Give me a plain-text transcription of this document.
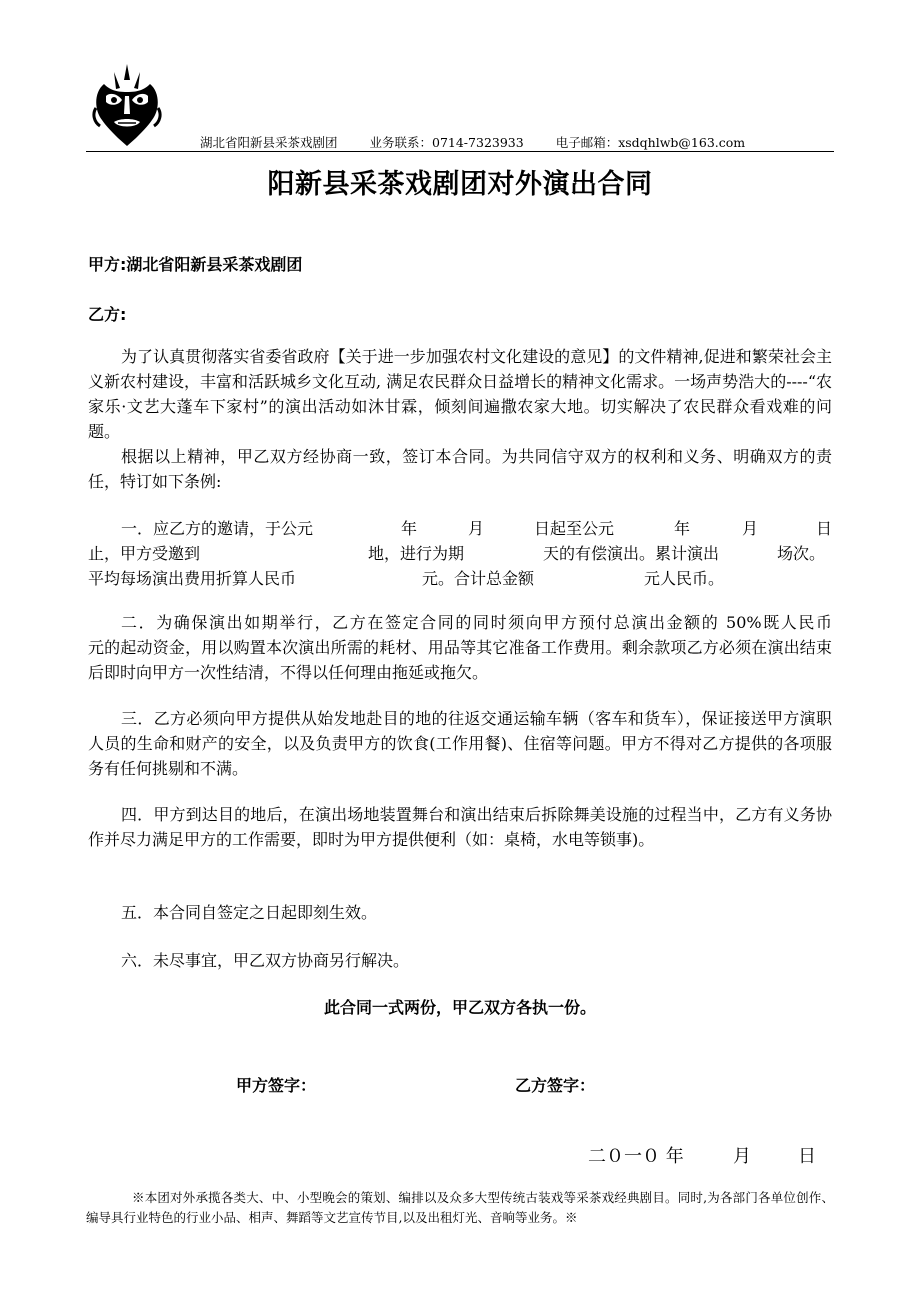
湖北省阳新县采茶戏剧团	业务联系：0714-7323933	电子邮箱：xsdqhlwb@163.com
阳新县采茶戏剧团对外演出合同
甲方:湖北省阳新县采茶戏剧团
乙方:

为了认真贯彻落实省委省政府【关于进一步加强农村文化建设的意见】的文件精神,促进和繁荣社会主义新农村建设，丰富和活跃城乡文化互动, 满足农民群众日益增长的精神文化需求。一场声势浩大的----“农家乐·文艺大蓬车下家村”的演出活动如沐甘霖，倾刻间遍撒农家大地。切实解决了农民群众看戏难的问题。

根据以上精神，甲乙双方经协商一致，签订本合同。为共同信守双方的权利和义务、明确双方的责任，特订如下条例:

一．应乙方的邀请，于公元	年	月	日起至公元	年	月	日
止，甲方受邀到	地，进行为期	天的有偿演出。累计演出	场次。
平均每场演出费用折算人民币	元。合计总金额	元人民币。

二．为确保演出如期举行，乙方在签定合同的同时须向甲方预付总演出金额的 50%既人民币　　　　元的起动资金，用以购置本次演出所需的耗材、用品等其它准备工作费用。剩余款项乙方必须在演出结束后即时向甲方一次性结清，不得以任何理由拖延或拖欠。

三．乙方必须向甲方提供从始发地赴目的地的往返交通运输车辆（客车和货车），保证接送甲方演职人员的生命和财产的安全，以及负责甲方的饮食(工作用餐)、住宿等问题。甲方不得对乙方提供的各项服务有任何挑剔和不满。

四．甲方到达目的地后，在演出场地装置舞台和演出结束后拆除舞美设施的过程当中，乙方有义务协作并尽力满足甲方的工作需要，即时为甲方提供便利（如：桌椅，水电等锁事)。

五．本合同自签定之日起即刻生效。

六．未尽事宜，甲乙双方协商另行解决。

此合同一式两份，甲乙双方各执一份。
甲方签字：	乙方签字：
二０一０ 年	月	日

※本团对外承揽各类大、中、小型晚会的策划、编排以及众多大型传统古装戏等采茶戏经典剧目。同时,为各部门各单位创作、编导具行业特色的行业小品、相声、舞蹈等文艺宣传节目,以及出租灯光、音响等业务。※
